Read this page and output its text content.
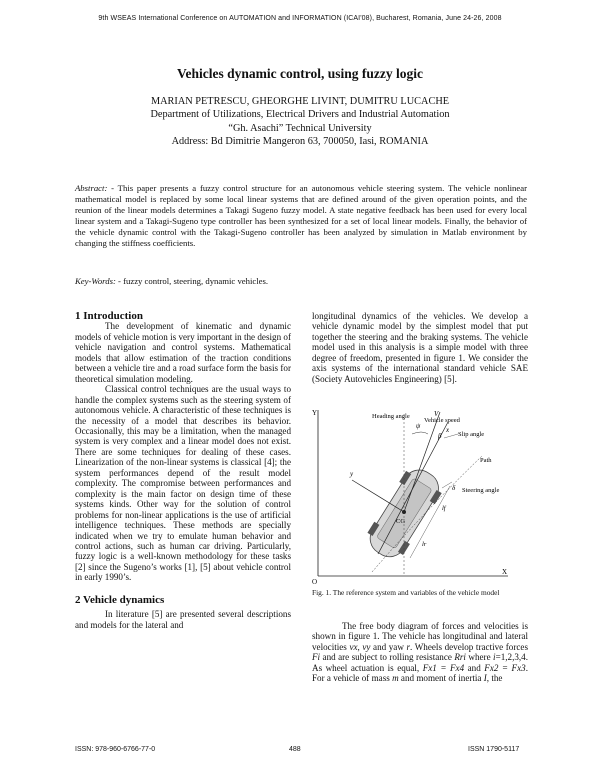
9th WSEAS International Conference on AUTOMATION and INFORMATION (ICAI'08), Bucharest, Romania, June 24-26, 2008
Vehicles dynamic control, using fuzzy logic
MARIAN PETRESCU, GHEORGHE LIVINT, DUMITRU LUCACHE
Department of Utilizations, Electrical Drivers and Industrial Automation
“Gh. Asachi” Technical University
Address: Bd Dimitrie Mangeron 63, 700050, Iasi, ROMANIA
Abstract: - This paper presents a fuzzy control structure for an autonomous vehicle steering system. The vehicle nonlinear mathematical model is replaced by some local linear systems that are defined around of the given operation points, and the reunion of the linear models determines a Takagi Sugeno fuzzy model. A state negative feedback has been used for every local linear system and a Takagi-Sugeno type controller has been synthesized for a set of local linear models. Finally, the behavior of the vehicle dynamic control with the Takagi-Sugeno controller has been analyzed by simulation in Matlab environment by changing the stiffness coefficients.
Key-Words: - fuzzy control, steering, dynamic vehicles.

1 Introduction

The development of kinematic and dynamic models of vehicle motion is very important in the design of vehicle navigation and control systems. Mathematical models that allow estimation of the traction conditions between a vehicle tire and a road surface form the basis for theoretical simulation modeling.

Classical control techniques are the usual ways to handle the complex systems such as the steering system of autonomous vehicle. A characteristic of these techniques is the necessity of a model that describes its behavior. Occasionally, this may be a limitation, when the managed system is very complex and a linear model does not exist. There are some techniques for dealing of these cases. Linearization of the non-linear systems is classical [4]; the system performances depend of the result model complexity. The compromise between performances and complexity is the main factor on design time of these systems kinds. Other way for the solution of control problems for non-linear applications is the use of artificial intelligence techniques. These methods are specially indicated when we try to emulate human behavior and control actions, such as human car driving. Particularly, fuzzy logic is a well-known methodology for these tasks [2] since the Sugeno’s works [1], [5] about vehicle control in early 1990’s.

2 Vehicle dynamics

In literature [5] are presented several descriptions and models for the lateral and

longitudinal dynamics of the vehicles. We develop a vehicle dynamic model by the simplest model that put together the steering and the braking systems. The vehicle model used in this analysis is a simple model with three degree of freedom, presented in figure 1. We consider the axis systems of the international standard vehicle SAE (Society Autovehicles Engineering) [5].

Y
X
O
x
y
Vehicle speed
V
Heading angle
ψ
Slip angle
β
Path
Steering angle
δ
CG
lf
lr
Fig. 1. The reference system and variables of the vehicle model

The free body diagram of forces and velocities is shown in figure 1. The vehicle has longitudinal and lateral velocities vx, vy and yaw r. Wheels develop tractive forces Fi and are subject to rolling resistance Rri where i=1,2,3,4. As wheel actuation is equal, Fx1 = Fx4 and Fx2 = Fx3. For a vehicle of mass m and moment of inertia I, the

ISSN: 978-960-6766-77-0	488	ISSN 1790-5117
